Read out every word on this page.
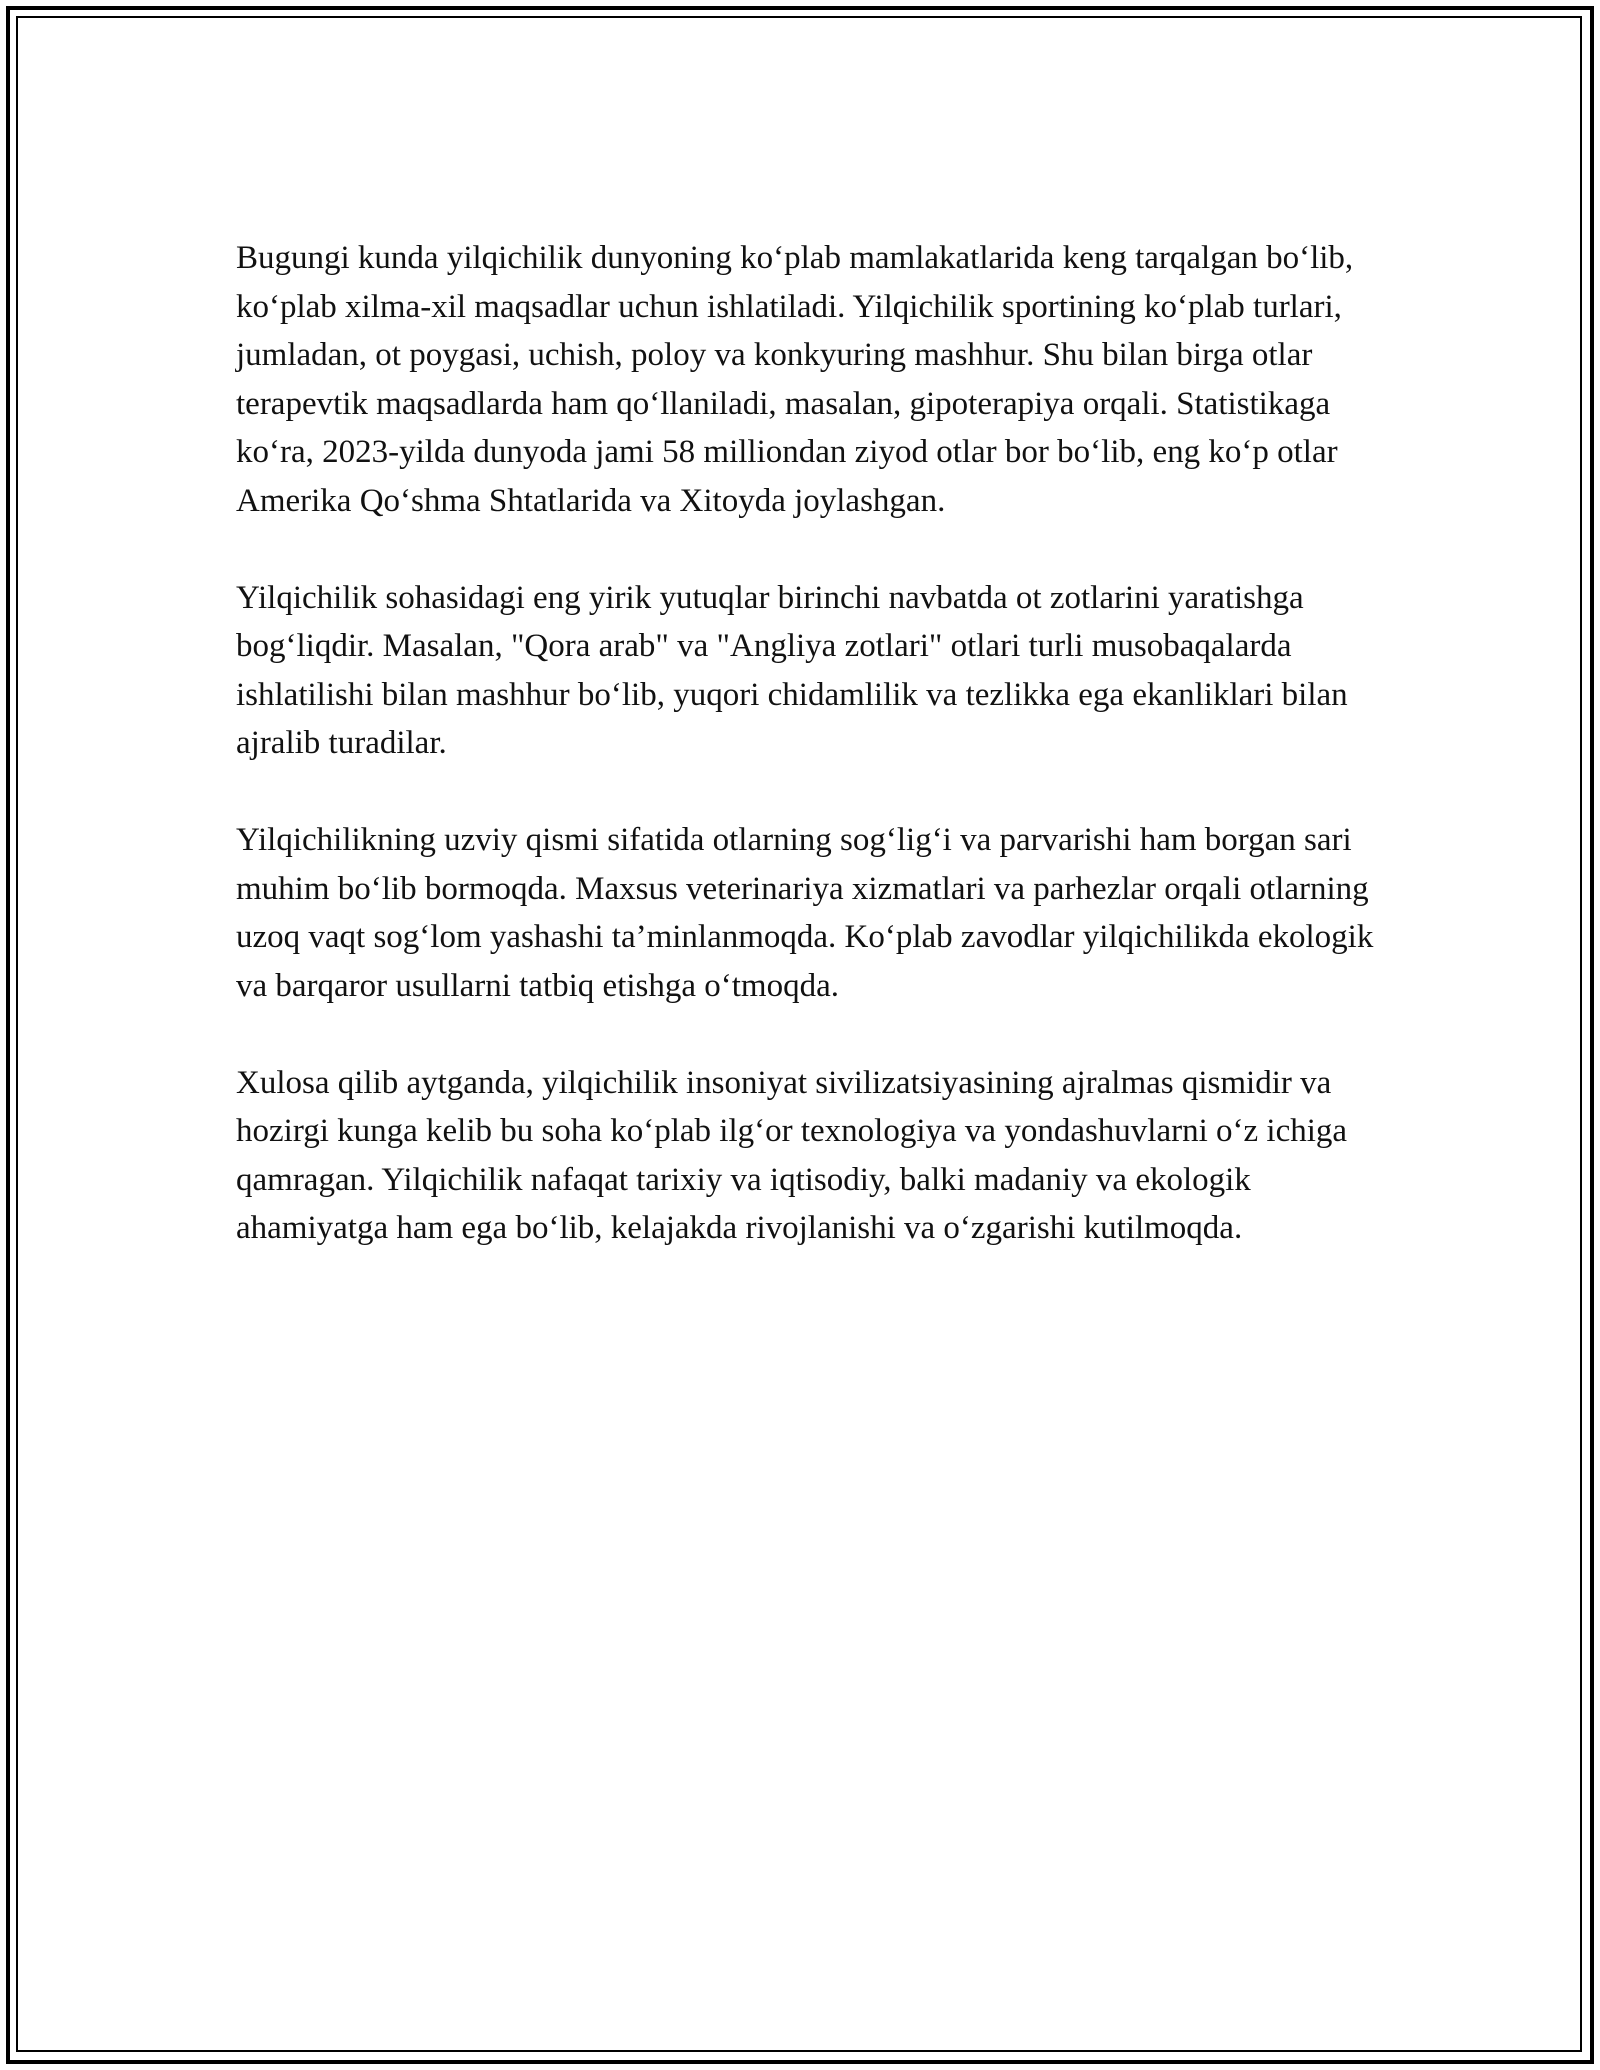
Bugungi kunda yilqichilik dunyoning ko‘plab mamlakatlarida keng tarqalgan bo‘lib, ko‘plab xilma-xil maqsadlar uchun ishlatiladi. Yilqichilik sportining ko‘plab turlari, jumladan, ot poygasi, uchish, poloy va konkyuring mashhur. Shu bilan birga otlar terapevtik maqsadlarda ham qo‘llaniladi, masalan, gipoterapiya orqali. Statistikaga ko‘ra, 2023-yilda dunyoda jami 58 milliondan ziyod otlar bor bo‘lib, eng ko‘p otlar Amerika Qo‘shma Shtatlarida va Xitoyda joylashgan.

Yilqichilik sohasidagi eng yirik yutuqlar birinchi navbatda ot zotlarini yaratishga bog‘liqdir. Masalan, "Qora arab" va "Angliya zotlari" otlari turli musobaqalarda ishlatilishi bilan mashhur bo‘lib, yuqori chidamlilik va tezlikka ega ekanliklari bilan ajralib turadilar.

Yilqichilikning uzviy qismi sifatida otlarning sog‘lig‘i va parvarishi ham borgan sari muhim bo‘lib bormoqda. Maxsus veterinariya xizmatlari va parhezlar orqali otlarning uzoq vaqt sog‘lom yashashi ta’minlanmoqda. Ko‘plab zavodlar yilqichilikda ekologik va barqaror usullarni tatbiq etishga o‘tmoqda.

Xulosa qilib aytganda, yilqichilik insoniyat sivilizatsiyasining ajralmas qismidir va hozirgi kunga kelib bu soha ko‘plab ilg‘or texnologiya va yondashuvlarni o‘z ichiga qamragan. Yilqichilik nafaqat tarixiy va iqtisodiy, balki madaniy va ekologik ahamiyatga ham ega bo‘lib, kelajakda rivojlanishi va o‘zgarishi kutilmoqda.
